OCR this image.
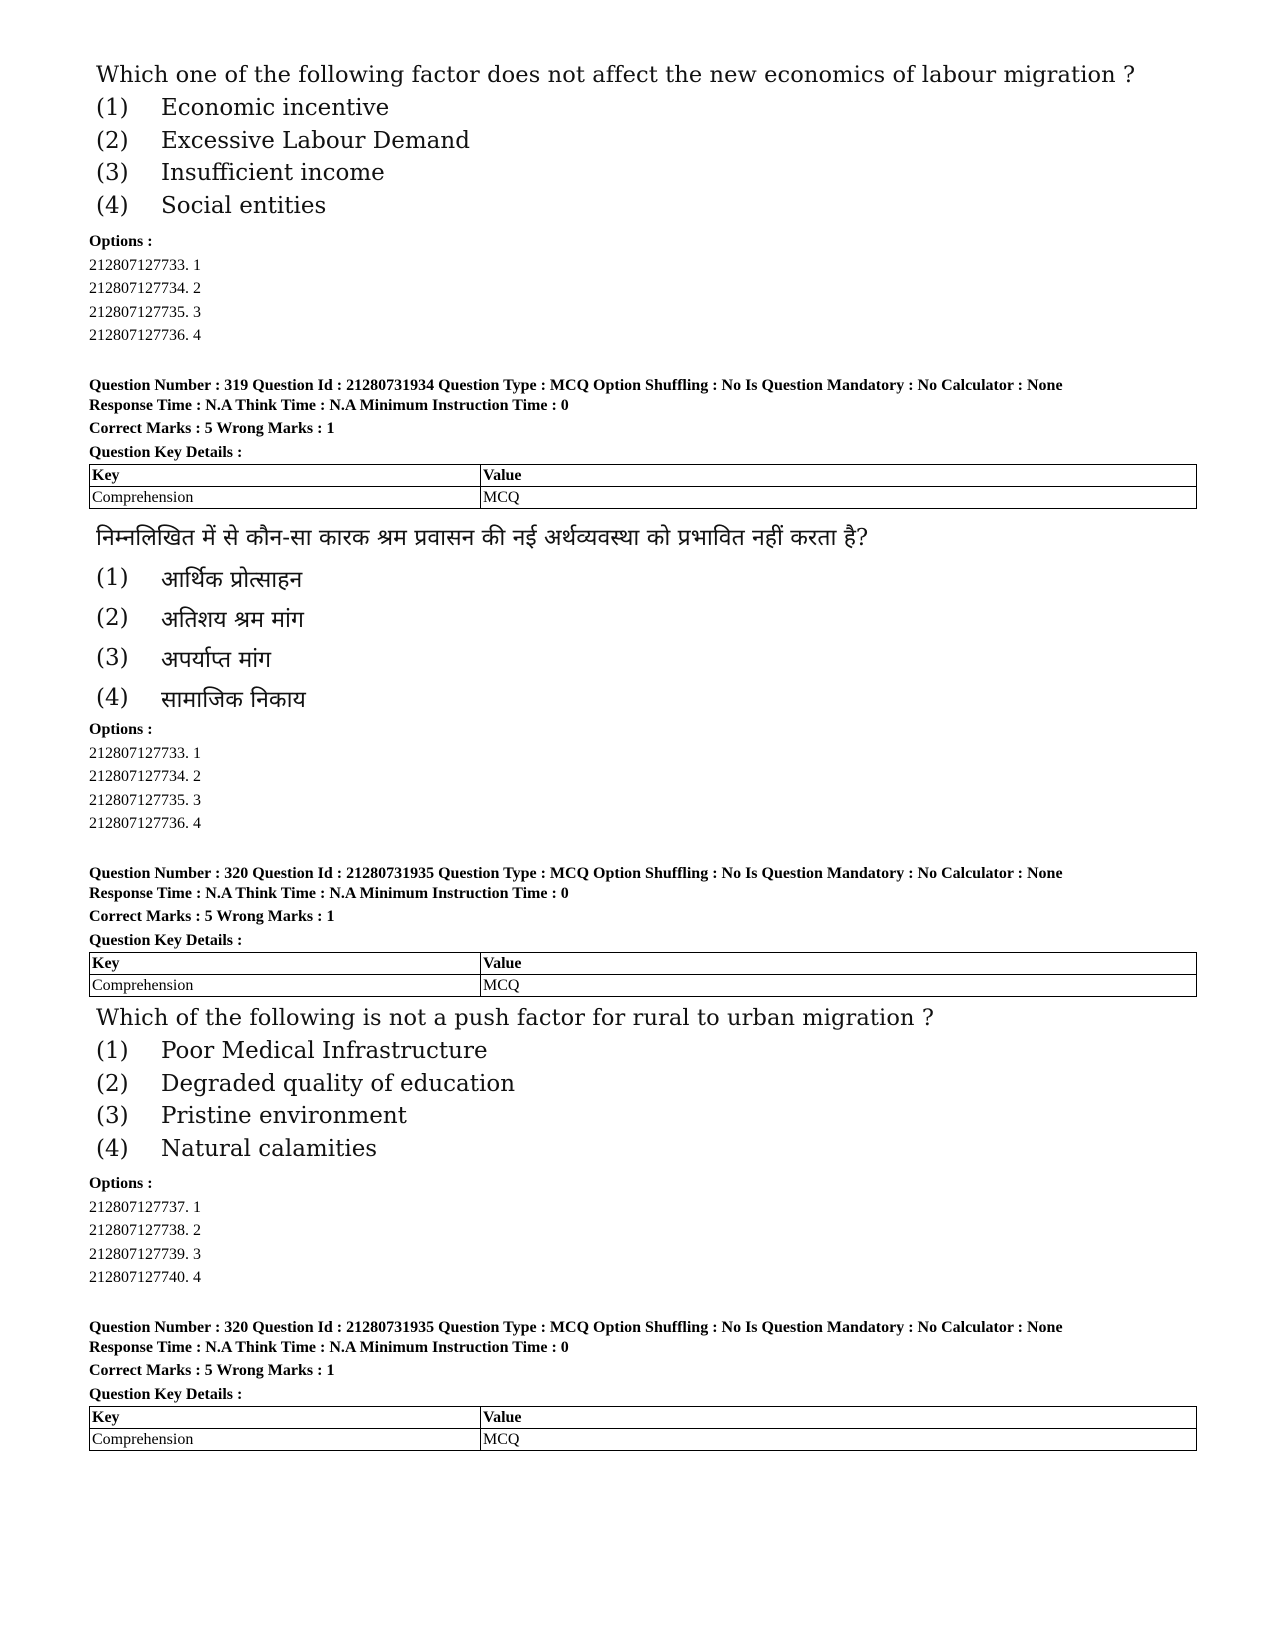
Which one of the following factor does not affect the new economics of labour migration ?
(1)	Economic incentive
(2)	Excessive Labour Demand
(3)	Insufficient income
(4)	Social entities
Options :
212807127733. 1
212807127734. 2
212807127735. 3
212807127736. 4
Question Number : 319 Question Id : 21280731934 Question Type : MCQ Option Shuffling : No Is Question Mandatory : No Calculator : None
Response Time : N.A Think Time : N.A Minimum Instruction Time : 0
Correct Marks : 5 Wrong Marks : 1
Question Key Details :
Key	Value
Comprehension	MCQ
निम्नलिखित में से कौन-सा कारक श्रम प्रवासन की नई अर्थव्यवस्था को प्रभावित नहीं करता है?
(1)	आर्थिक प्रोत्साहन
(2)	अतिशय श्रम मांग
(3)	अपर्याप्त मांग
(4)	सामाजिक निकाय
Options :
212807127733. 1
212807127734. 2
212807127735. 3
212807127736. 4
Question Number : 320 Question Id : 21280731935 Question Type : MCQ Option Shuffling : No Is Question Mandatory : No Calculator : None
Response Time : N.A Think Time : N.A Minimum Instruction Time : 0
Correct Marks : 5 Wrong Marks : 1
Question Key Details :
Key	Value
Comprehension	MCQ
Which of the following is not a push factor for rural to urban migration ?
(1)	Poor Medical Infrastructure
(2)	Degraded quality of education
(3)	Pristine environment
(4)	Natural calamities
Options :
212807127737. 1
212807127738. 2
212807127739. 3
212807127740. 4
Question Number : 320 Question Id : 21280731935 Question Type : MCQ Option Shuffling : No Is Question Mandatory : No Calculator : None
Response Time : N.A Think Time : N.A Minimum Instruction Time : 0
Correct Marks : 5 Wrong Marks : 1
Question Key Details :
Key	Value
Comprehension	MCQ
